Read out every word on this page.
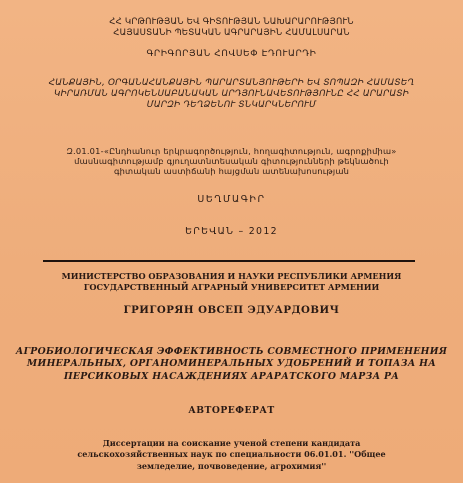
ՀՀ ԿՐԹՈՒԹՅԱՆ ԵՎ ԳԻՏՈՒԹՅԱՆ ՆԱԽԱՐԱՐՈՒԹՅՈՒՆ
ՀԱՅԱՍՏԱՆԻ ՊԵՏԱԿԱՆ ԱԳՐԱՐԱՅԻՆ ՀԱՄԱԼՍԱՐԱՆ
ԳՐԻԳՈՐՅԱՆ ՀՈՎՍԵՓ ԷԴՈՒԱՐԴԻ
ՀԱՆՔԱՅԻՆ, ՕՐԳԱՆԱՀԱՆՔԱՅԻՆ ՊԱՐԱՐՏԱՆՅՈՒԹԵՐԻ ԵՎ ՏՈՊԱԶԻ ՀԱՄԱՏԵՂ
ԿԻՐԱՌՄԱՆ ԱԳՐՈԿԵՆՍԱԲԱՆԱԿԱՆ ԱՐԴՅՈՒՆԱՎԵՏՈՒԹՅՈՒՆԸ ՀՀ ԱՐԱՐԱՏԻ
ՄԱՐԶԻ ԴԵՂՁԵՆՈՒ ՏՆԿԱՐԿՆԵՐՈՒՄ
Զ.01.01-«Ընդհանուր երկրագործություն, հողագիտություն, ագրոքիմիա»
մասնագիտությամբ գյուղատնտեսական գիտությունների թեկնածուի
գիտական աստիճանի հայցման ատենախոսության
ՍԵՂՄԱԳԻՐ
ԵՐԵՎԱՆ – 2012
МИНИСТЕРСТВО ОБРАЗОВАНИЯ И НАУКИ РЕСПУБЛИКИ АРМЕНИЯ
ГОСУДАРСТВЕННЫЙ АГРАРНЫЙ УНИВЕРСИТЕТ АРМЕНИИ
ГРИГОРЯН ОВСЕП ЭДУАРДОВИЧ
АГРОБИОЛОГИЧЕСКАЯ ЭФФЕКТИВНОСТЬ СОВМЕСТНОГО ПРИМЕНЕНИЯ
МИНЕРАЛЬНЫХ, ОРГАНОМИНЕРАЛЬНЫХ УДОБРЕНИЙ И ТОПАЗА НА
ПЕРСИКОВЫХ НАСАЖДЕНИЯХ АРАРАТСКОГО МАРЗА РА
АВТОРЕФЕРАТ
Диссертации на соискание ученой степени кандидата
сельскохозяйственных наук по специальности 06.01.01. ''Общее
земледелие, почвоведение, агрохимия''
